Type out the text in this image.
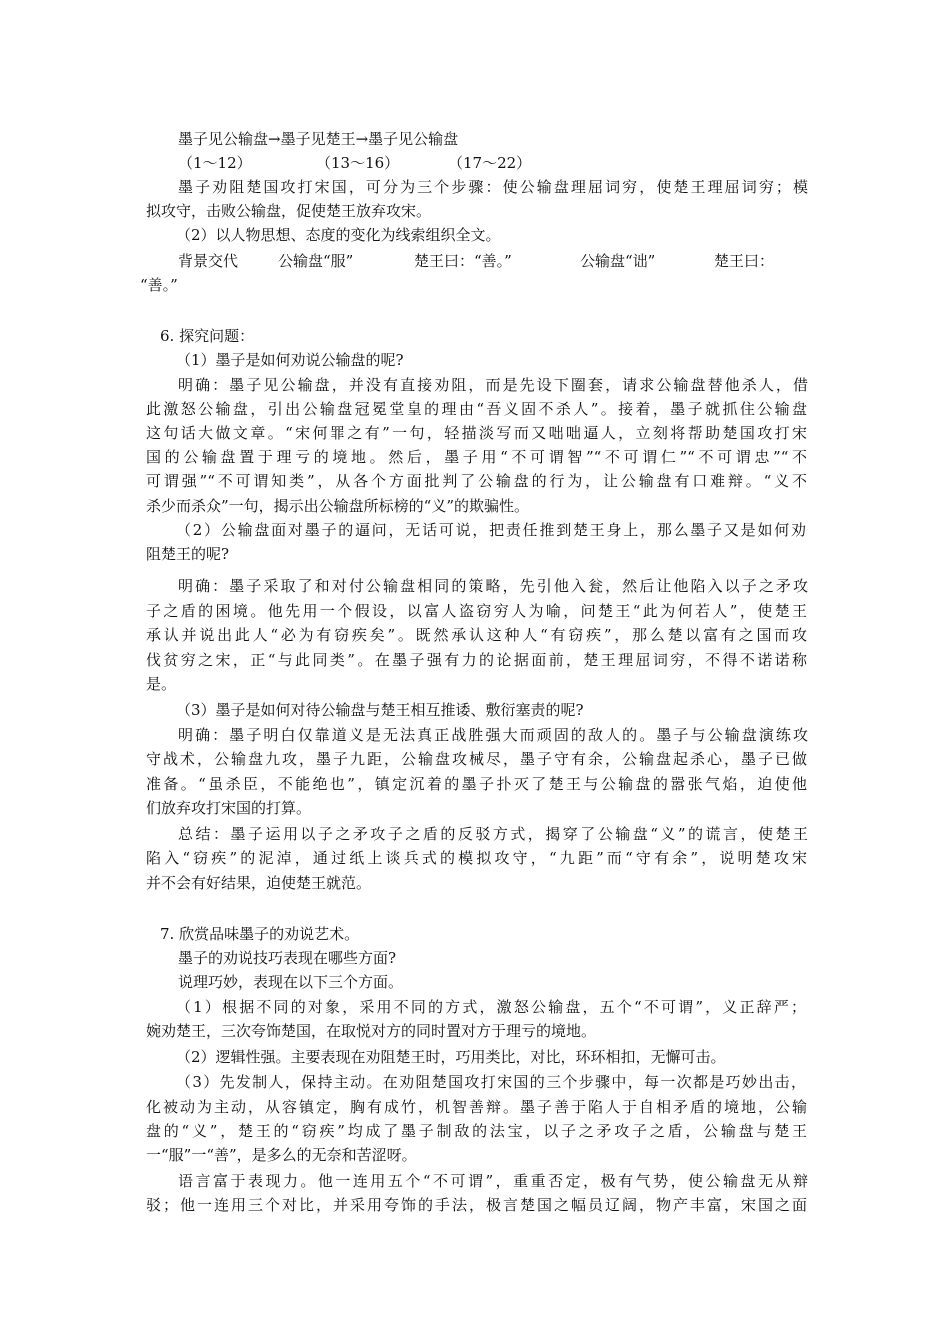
墨子见公输盘→墨子见楚王→墨子见公输盘
（1～12）	（13～16）	（17～22）
墨子劝阻楚国攻打宋国，可分为三个步骤：使公输盘理屈词穷，使楚王理屈词穷；模
拟攻守，击败公输盘，促使楚王放弃攻宋。
（2）以人物思想、态度的变化为线索组织全文。
背景交代	公输盘“服”	楚王曰：“善。”	公输盘“诎”	楚王曰：
“善。”
6. 探究问题：
（1）墨子是如何劝说公输盘的呢?
明确：墨子见公输盘，并没有直接劝阻，而是先设下圈套，请求公输盘替他杀人，借
此激怒公输盘，引出公输盘冠冕堂皇的理由“吾义固不杀人”。接着，墨子就抓住公输盘
这句话大做文章。“宋何罪之有”一句，轻描淡写而又咄咄逼人，立刻将帮助楚国攻打宋
国的公输盘置于理亏的境地。然后，墨子用“不可谓智”“不可谓仁”“不可谓忠”“不
可谓强”“不可谓知类”，从各个方面批判了公输盘的行为，让公输盘有口难辩。“义不
杀少而杀众”一句，揭示出公输盘所标榜的“义”的欺骗性。
（2）公输盘面对墨子的逼问，无话可说，把责任推到楚王身上，那么墨子又是如何劝
阻楚王的呢?
明确：墨子采取了和对付公输盘相同的策略，先引他入瓮，然后让他陷入以子之矛攻
子之盾的困境。他先用一个假设，以富人盗窃穷人为喻，问楚王“此为何若人”，使楚王
承认并说出此人“必为有窃疾矣”。既然承认这种人“有窃疾”，那么楚以富有之国而攻
伐贫穷之宋，正“与此同类”。在墨子强有力的论据面前，楚王理屈词穷，不得不诺诺称
是。
（3）墨子是如何对待公输盘与楚王相互推诿、敷衍塞责的呢?
明确：墨子明白仅靠道义是无法真正战胜强大而顽固的敌人的。墨子与公输盘演练攻
守战术，公输盘九攻，墨子九距，公输盘攻械尽，墨子守有余，公输盘起杀心，墨子已做
准备。“虽杀臣，不能绝也”，镇定沉着的墨子扑灭了楚王与公输盘的嚣张气焰，迫使他
们放弃攻打宋国的打算。
总结：墨子运用以子之矛攻子之盾的反驳方式，揭穿了公输盘“义”的谎言，使楚王
陷入“窃疾”的泥淖，通过纸上谈兵式的模拟攻守，“九距”而“守有余”，说明楚攻宋
并不会有好结果，迫使楚王就范。
7. 欣赏品味墨子的劝说艺术。
墨子的劝说技巧表现在哪些方面?
说理巧妙，表现在以下三个方面。
（1）根据不同的对象，采用不同的方式，激怒公输盘，五个“不可谓”，义正辞严；
婉劝楚王，三次夸饰楚国，在取悦对方的同时置对方于理亏的境地。
（2）逻辑性强。主要表现在劝阻楚王时，巧用类比，对比，环环相扣，无懈可击。
（3）先发制人，保持主动。在劝阻楚国攻打宋国的三个步骤中，每一次都是巧妙出击，
化被动为主动，从容镇定，胸有成竹，机智善辩。墨子善于陷人于自相矛盾的境地，公输
盘的“义”，楚王的“窃疾”均成了墨子制敌的法宝，以子之矛攻子之盾，公输盘与楚王
一“服”一“善”，是多么的无奈和苦涩呀。
语言富于表现力。他一连用五个“不可谓”，重重否定，极有气势，使公输盘无从辩
驳；他一连用三个对比，并采用夸饰的手法，极言楚国之幅员辽阔，物产丰富，宋国之面
